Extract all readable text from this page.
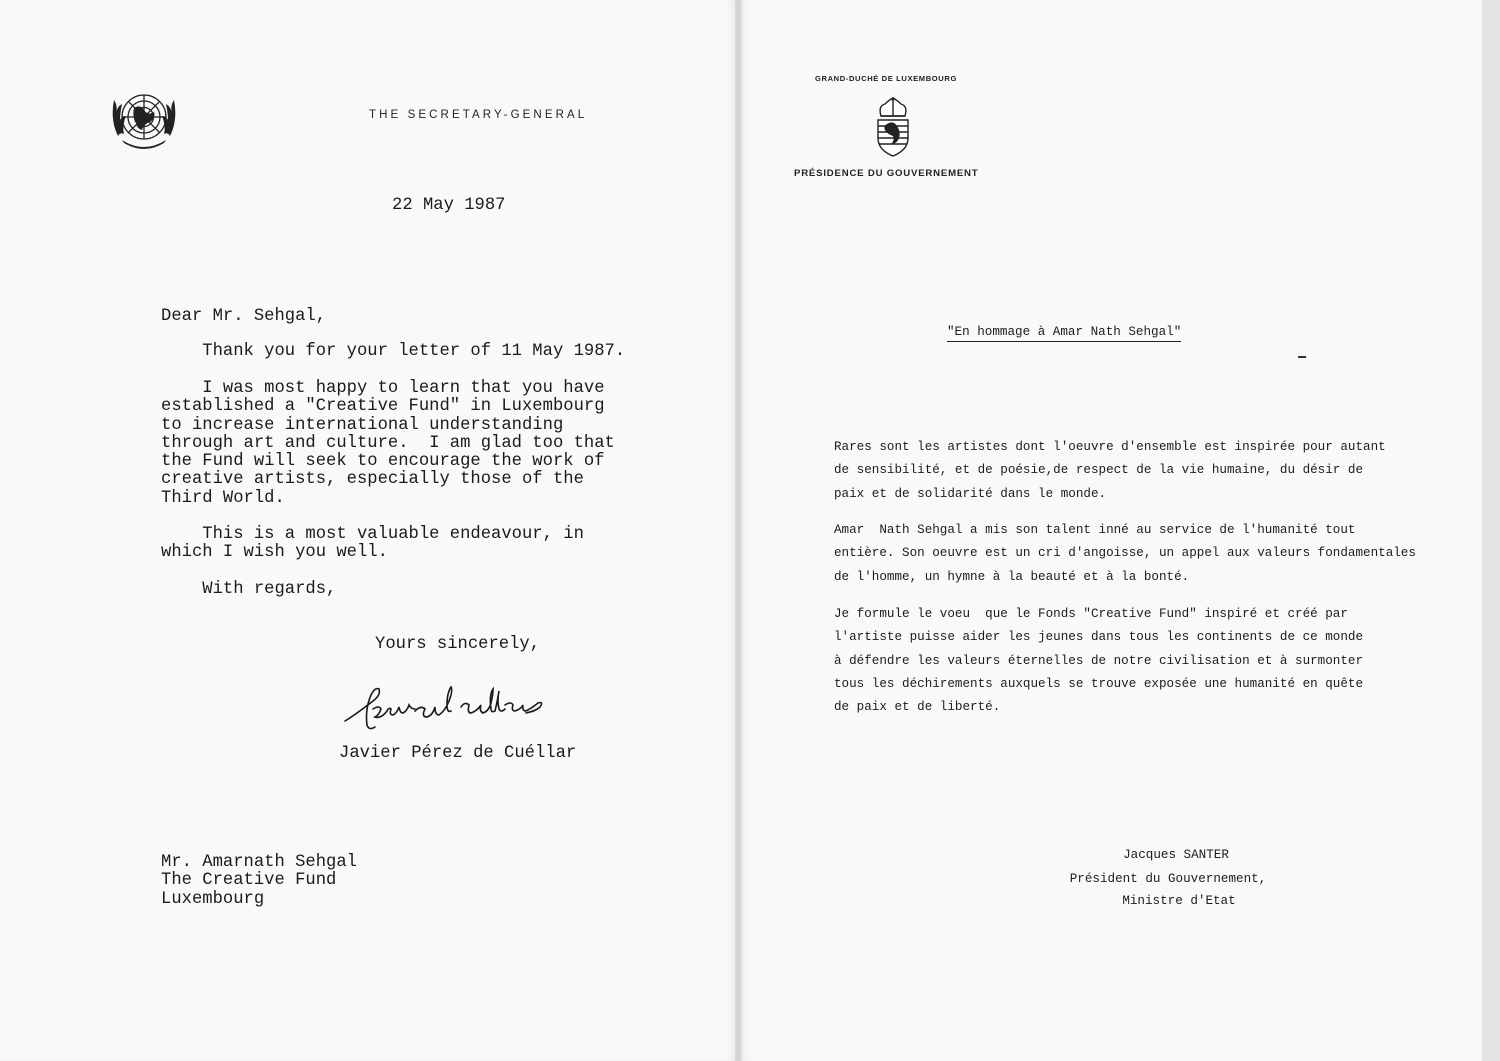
THE SECRETARY-GENERAL
22 May 1987
Dear Mr. Sehgal,
Thank you for your letter of 11 May 1987.
I was most happy to learn that you have
established a "Creative Fund" in Luxembourg
to increase international understanding
through art and culture.  I am glad too that
the Fund will seek to encourage the work of
creative artists, especially those of the
Third World.
This is a most valuable endeavour, in
which I wish you well.
With regards,
Yours sincerely,
Javier Pérez de Cuéllar
Mr. Amarnath Sehgal
The Creative Fund
Luxembourg
GRAND-DUCHÉ DE LUXEMBOURG
PRÉSIDENCE DU GOUVERNEMENT
"En hommage à Amar Nath Sehgal"
Rares sont les artistes dont l'oeuvre d'ensemble est inspirée pour autant
de sensibilité, et de poésie,de respect de la vie humaine, du désir de
paix et de solidarité dans le monde.
Amar  Nath Sehgal a mis son talent inné au service de l'humanité tout
entière. Son oeuvre est un cri d'angoisse, un appel aux valeurs fondamentales
de l'homme, un hymne à la beauté et à la bonté.
Je formule le voeu  que le Fonds "Creative Fund" inspiré et créé par
l'artiste puisse aider les jeunes dans tous les continents de ce monde
à défendre les valeurs éternelles de notre civilisation et à surmonter
tous les déchirements auxquels se trouve exposée une humanité en quête
de paix et de liberté.
Jacques SANTER
Président du Gouvernement,
Ministre d'Etat
